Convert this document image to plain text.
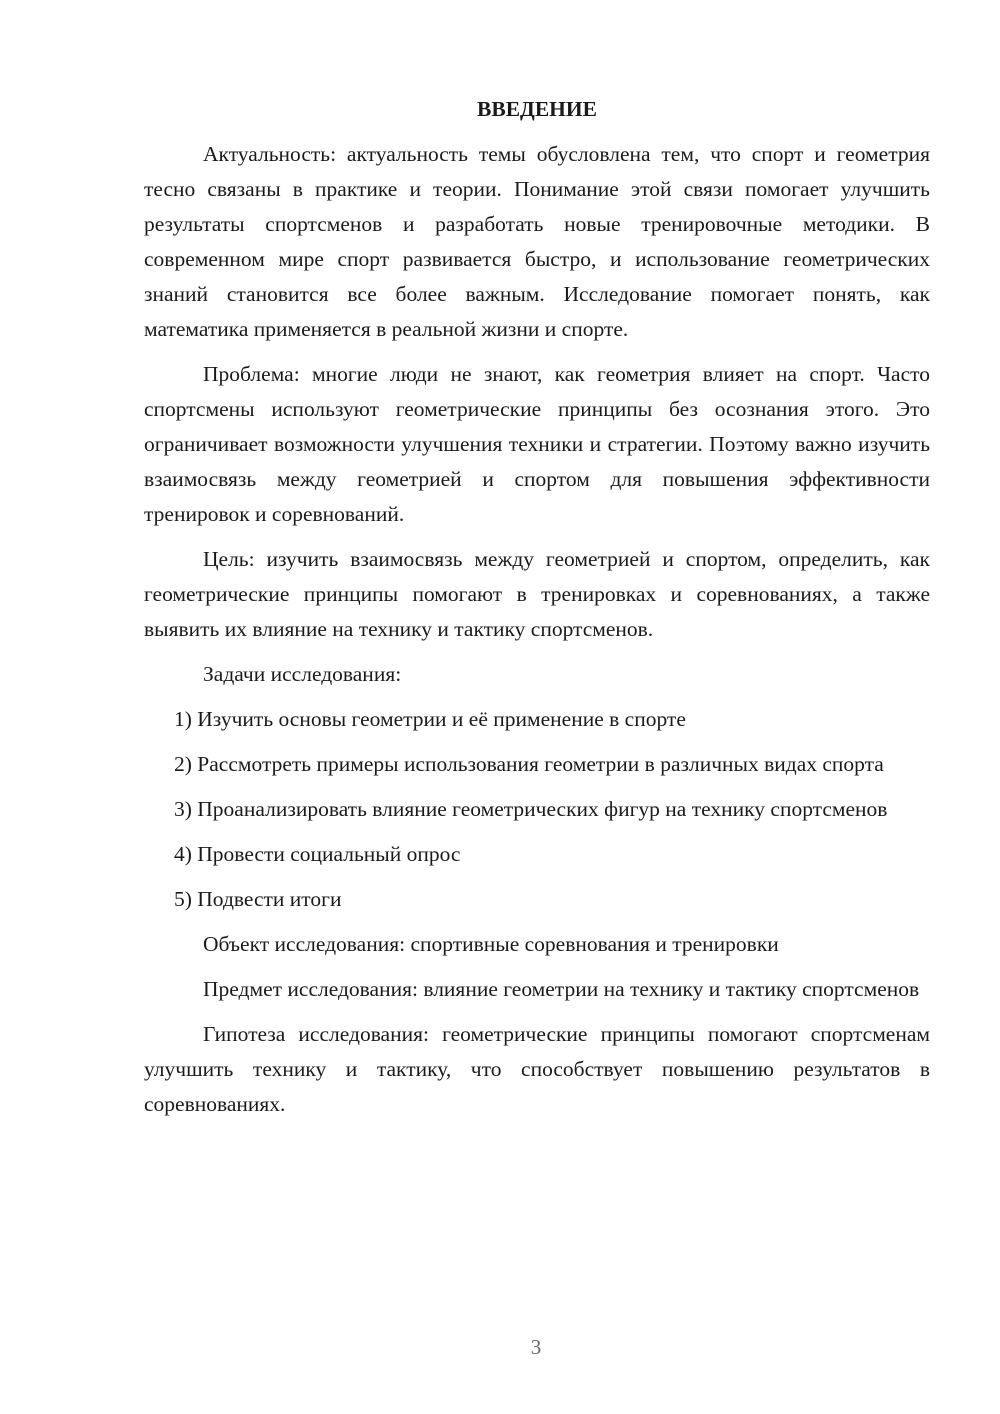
ВВЕДЕНИЕ

Актуальность: актуальность темы обусловлена тем, что спорт и геометрия тесно связаны в практике и теории. Понимание этой связи помогает улучшить результаты спортсменов и разработать новые тренировочные методики. В современном мире спорт развивается быстро, и использование геометрических знаний становится все более важным. Исследование помогает понять, как математика применяется в реальной жизни и спорте.

Проблема: многие люди не знают, как геометрия влияет на спорт. Часто спортсмены используют геометрические принципы без осознания этого. Это ограничивает возможности улучшения техники и стратегии. Поэтому важно изучить взаимосвязь между геометрией и спортом для повышения эффективности тренировок и соревнований.

Цель: изучить взаимосвязь между геометрией и спортом, определить, как геометрические принципы помогают в тренировках и соревнованиях, а также выявить их влияние на технику и тактику спортсменов.

Задачи исследования:

1) Изучить основы геометрии и её применение в спорте

2) Рассмотреть примеры использования геометрии в различных видах спорта

3) Проанализировать влияние геометрических фигур на технику спортсменов

4) Провести социальный опрос

5) Подвести итоги

Объект исследования: спортивные соревнования и тренировки

Предмет исследования: влияние геометрии на технику и тактику спортсменов

Гипотеза исследования: геометрические принципы помогают спортсменам улучшить технику и тактику, что способствует повышению результатов в соревнованиях.

3
